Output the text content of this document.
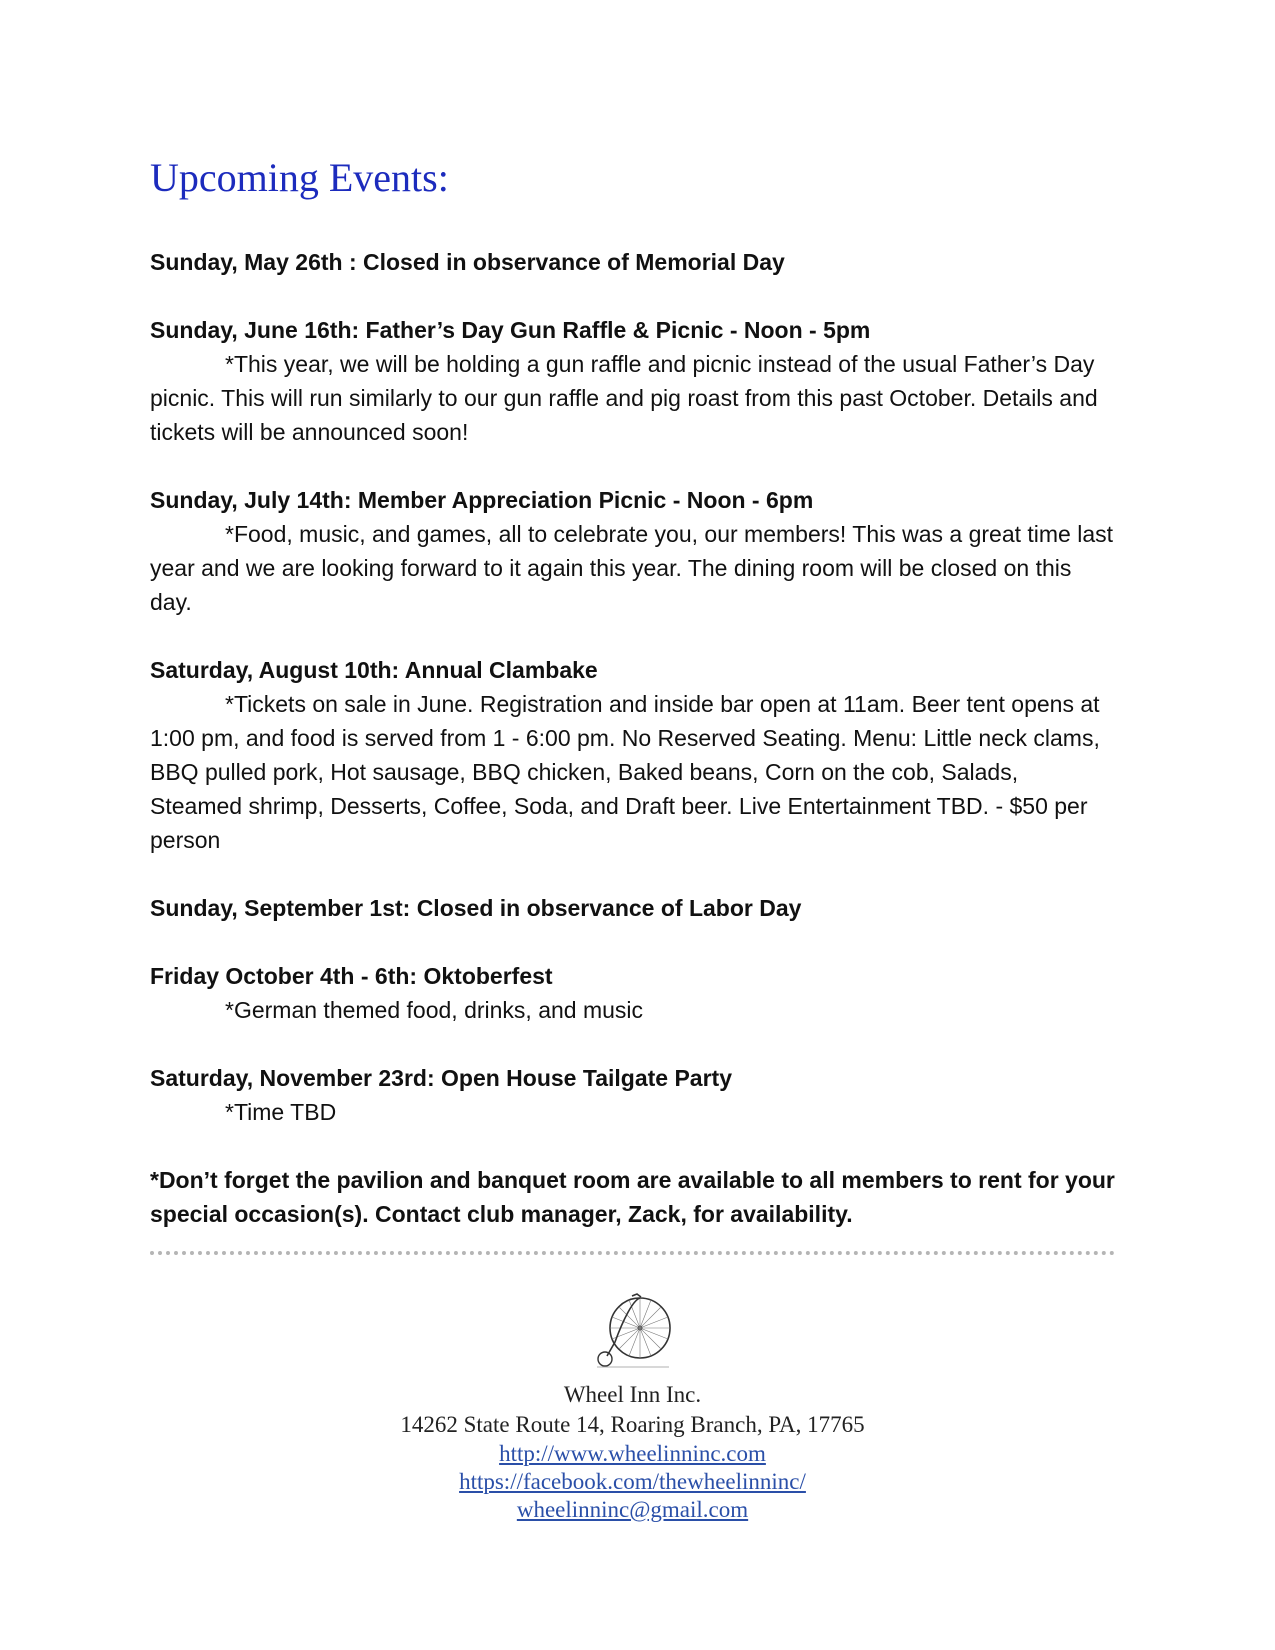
Upcoming Events:

Sunday, May 26th : Closed in observance of Memorial Day

Sunday, June 16th: Father’s Day Gun Raffle & Picnic - Noon - 5pm

*This year, we will be holding a gun raffle and picnic instead of the usual Father’s Day picnic. This will run similarly to our gun raffle and pig roast from this past October. Details and tickets will be announced soon!

Sunday, July 14th: Member Appreciation Picnic - Noon - 6pm

*Food, music, and games, all to celebrate you, our members! This was a great time last year and we are looking forward to it again this year. The dining room will be closed on this day.

Saturday, August 10th: Annual Clambake

*Tickets on sale in June. Registration and inside bar open at 11am. Beer tent opens at 1:00 pm, and food is served from 1 - 6:00 pm. No Reserved Seating. Menu: Little neck clams, BBQ pulled pork, Hot sausage, BBQ chicken, Baked beans, Corn on the cob, Salads, Steamed shrimp, Desserts, Coffee, Soda, and Draft beer. Live Entertainment TBD. - $50 per person

Sunday, September 1st: Closed in observance of Labor Day

Friday October 4th - 6th: Oktoberfest

*German themed food, drinks, and music

Saturday, November 23rd: Open House Tailgate Party

*Time TBD

*Don’t forget the pavilion and banquet room are available to all members to rent for your special occasion(s). Contact club manager, Zack, for availability.

Wheel Inn Inc.

14262 State Route 14, Roaring Branch, PA, 17765

http://www.wheelinninc.com
https://facebook.com/thewheelinninc/
wheelinninc@gmail.com
